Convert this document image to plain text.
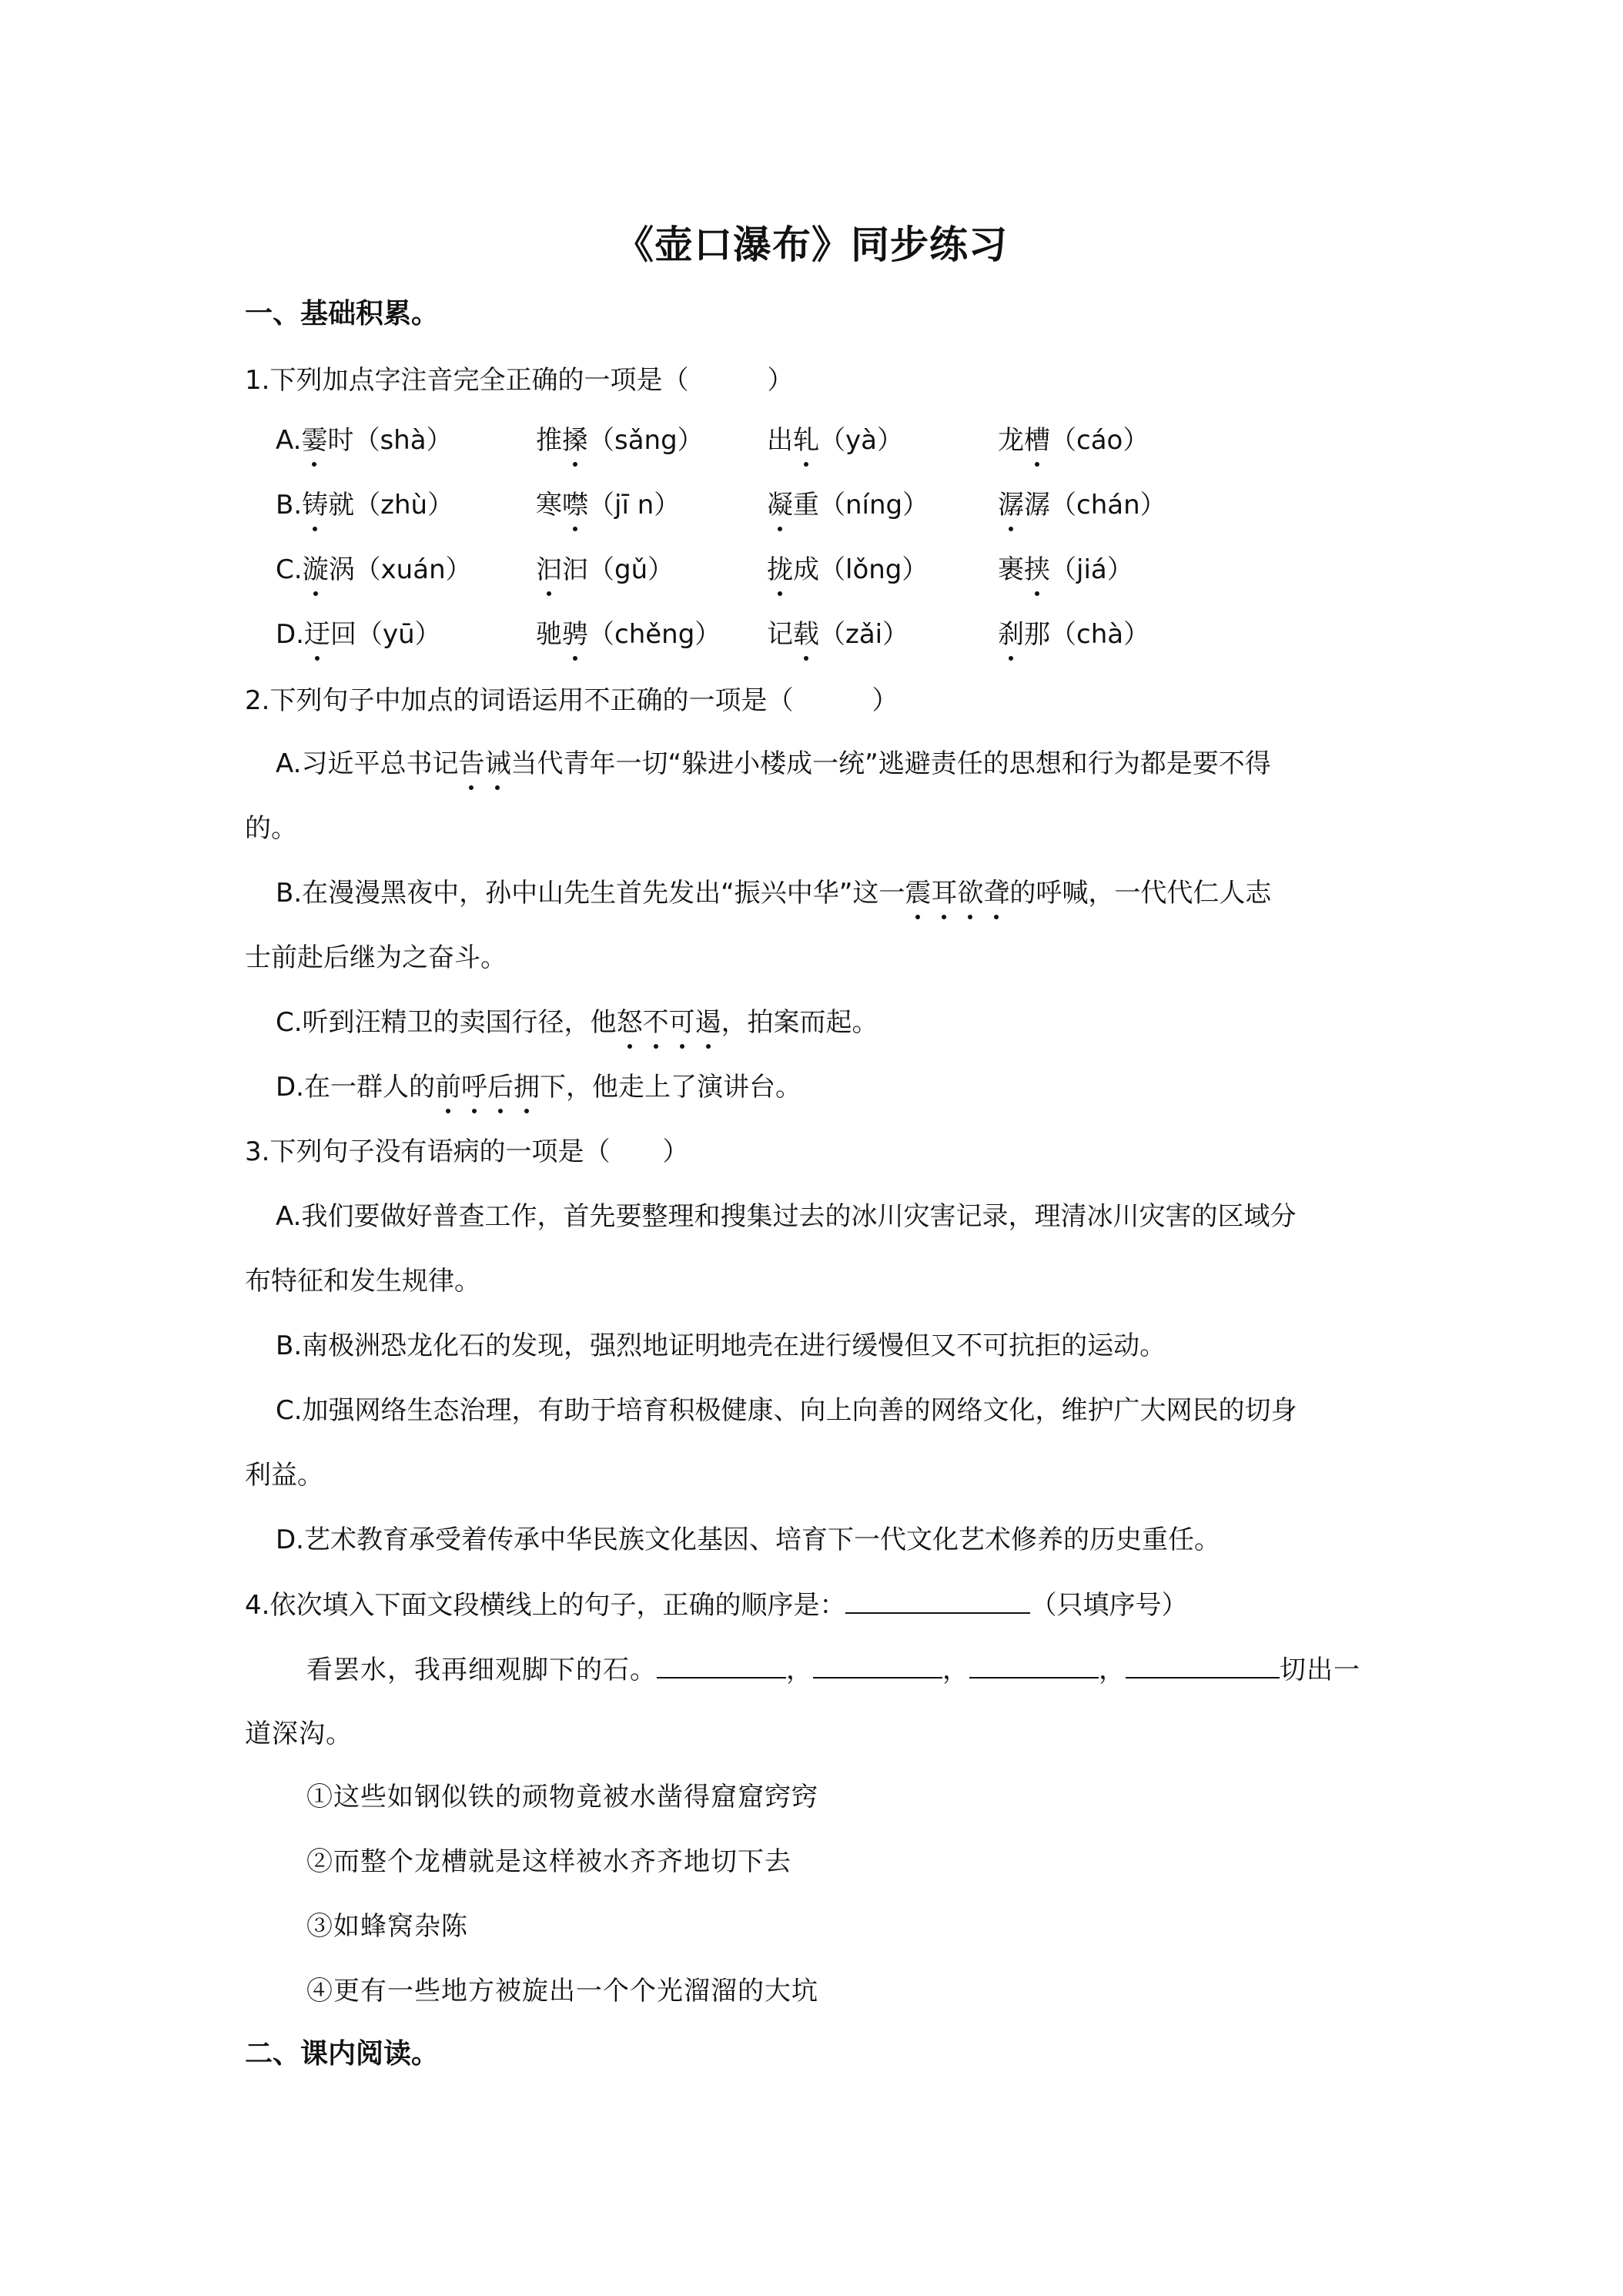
《壶口瀑布》同步练习
一、基础积累。
1.下列加点字注音完全正确的一项是（　　　）
A.霎时（shà）	推搡（sǎng） 出轧（yà）	龙槽（cáo）
B.铸就（zhù）	寒噤（jī n）	凝重（níng）	潺潺（chán）
C.漩涡（xuán） 汩汩（gǔ）	拢成（lǒng）	裹挟（jiá）
D.迂回（yū）	驰骋（chěng） 记载（zǎi）	刹那（chà）
2.下列句子中加点的词语运用不正确的一项是（　　　）
A.习近平总书记告诫当代青年一切“躲进小楼成一统”逃避责任的思想和行为都是要不得
的。
B.在漫漫黑夜中，孙中山先生首先发出“振兴中华”这一震耳欲聋的呼喊，一代代仁人志
士前赴后继为之奋斗。
C.听到汪精卫的卖国行径，他怒不可遏，拍案而起。
D.在一群人的前呼后拥下，他走上了演讲台。
3.下列句子没有语病的一项是（　　）
A.我们要做好普查工作，首先要整理和搜集过去的冰川灾害记录，理清冰川灾害的区域分
布特征和发生规律。
B.南极洲恐龙化石的发现，强烈地证明地壳在进行缓慢但又不可抗拒的运动。
C.加强网络生态治理，有助于培育积极健康、向上向善的网络文化，维护广大网民的切身
利益。
D.艺术教育承受着传承中华民族文化基因、培育下一代文化艺术修养的历史重任。
4.依次填入下面文段横线上的句子，正确的顺序是：	（只填序号）
看罢水，我再细观脚下的石。	，	，	，	切出一
道深沟。
①这些如钢似铁的顽物竟被水凿得窟窟窍窍
②而整个龙槽就是这样被水齐齐地切下去
③如蜂窝杂陈
④更有一些地方被旋出一个个光溜溜的大坑
二、课内阅读。
